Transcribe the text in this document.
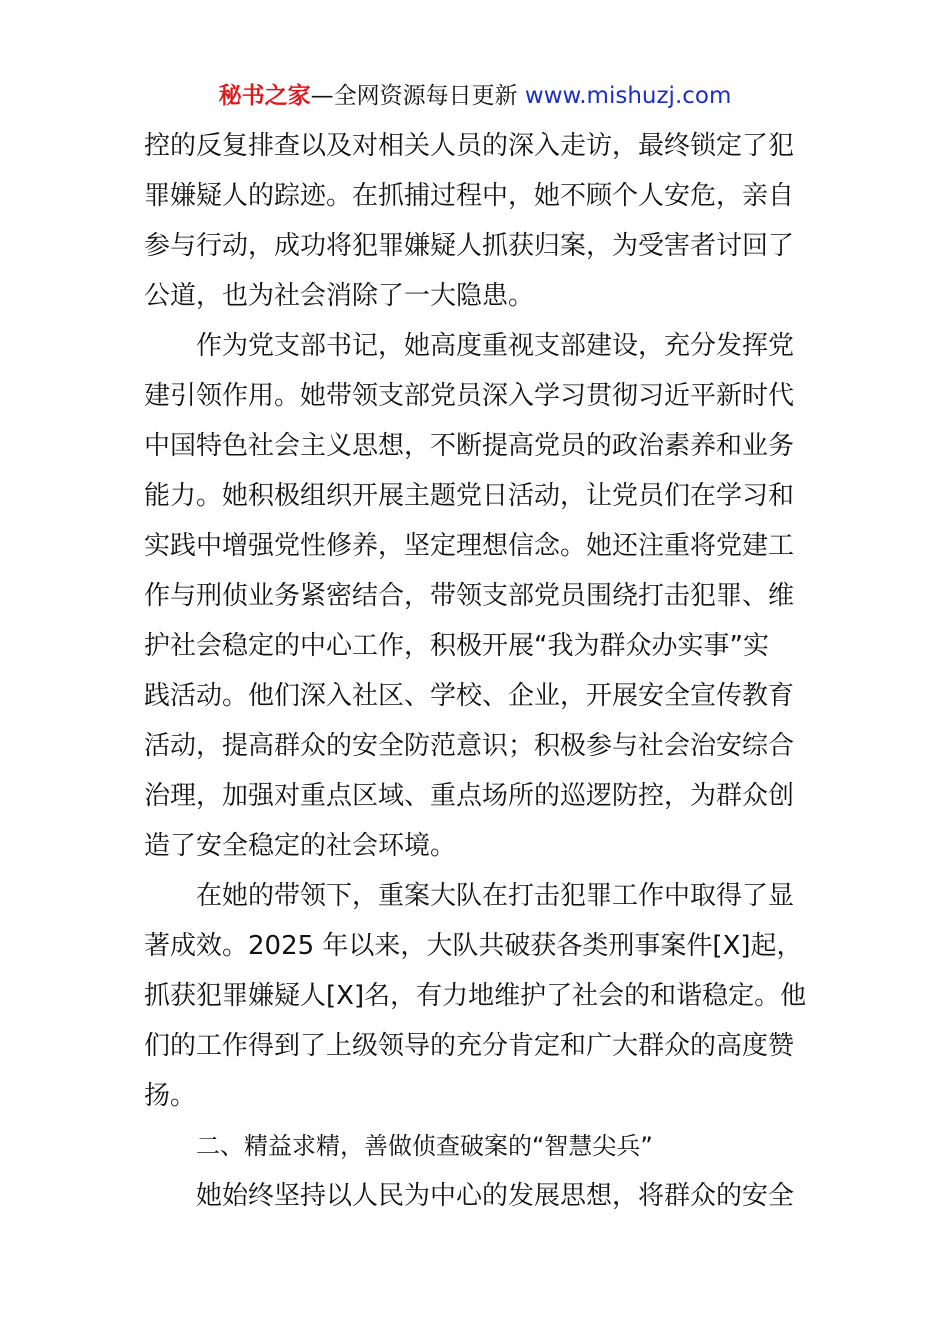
秘书之家—全网资源每日更新 www.mishuzj.com
控的反复排查以及对相关人员的深入走访，最终锁定了犯
罪嫌疑人的踪迹。在抓捕过程中，她不顾个人安危，亲自
参与行动，成功将犯罪嫌疑人抓获归案，为受害者讨回了
公道，也为社会消除了一大隐患。
作为党支部书记，她高度重视支部建设，充分发挥党
建引领作用。她带领支部党员深入学习贯彻习近平新时代
中国特色社会主义思想，不断提高党员的政治素养和业务
能力。她积极组织开展主题党日活动，让党员们在学习和
实践中增强党性修养，坚定理想信念。她还注重将党建工
作与刑侦业务紧密结合，带领支部党员围绕打击犯罪、维
护社会稳定的中心工作，积极开展“我为群众办实事”实
践活动。他们深入社区、学校、企业，开展安全宣传教育
活动，提高群众的安全防范意识；积极参与社会治安综合
治理，加强对重点区域、重点场所的巡逻防控，为群众创
造了安全稳定的社会环境。
在她的带领下，重案大队在打击犯罪工作中取得了显
著成效。2025 年以来，大队共破获各类刑事案件[X]起，
抓获犯罪嫌疑人[X]名，有力地维护了社会的和谐稳定。他
们的工作得到了上级领导的充分肯定和广大群众的高度赞
扬。
二、精益求精，善做侦查破案的“智慧尖兵”
她始终坚持以人民为中心的发展思想，将群众的安全
